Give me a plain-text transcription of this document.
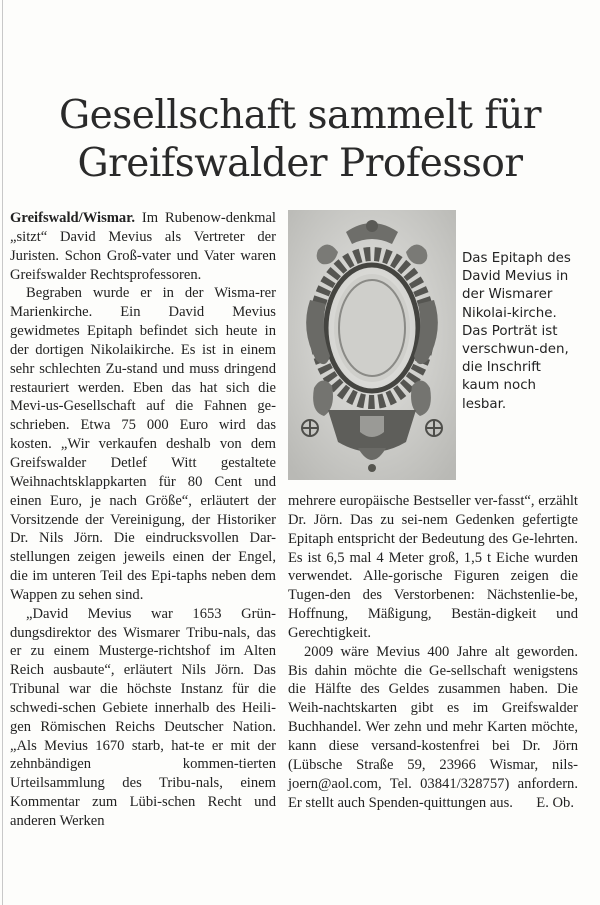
Gesellschaft sammelt für
Greifswalder Professor

Greifswald/Wismar. Im Rubenow-denkmal „sitzt“ David Mevius als Vertreter der Juristen. Schon Groß-vater und Vater waren Greifswalder Rechtsprofessoren.

Begraben wurde er in der Wisma-rer Marienkirche. Ein David Mevius gewidmetes Epitaph befindet sich heute in der dortigen Nikolaikirche. Es ist in einem sehr schlechten Zu-stand und muss dringend restauriert werden. Eben das hat sich die Mevi-us-Gesellschaft auf die Fahnen ge-schrieben. Etwa 75 000 Euro wird das kosten. „Wir verkaufen deshalb von dem Greifswalder Detlef Witt gestaltete Weihnachtsklappkarten für 80 Cent und einen Euro, je nach Größe“, erläutert der Vorsitzende der Vereinigung, der Historiker Dr. Nils Jörn. Die eindrucksvollen Dar-stellungen zeigen jeweils einen der Engel, die im unteren Teil des Epi-taphs neben dem Wappen zu sehen sind.

„David Mevius war 1653 Grün-dungsdirektor des Wismarer Tribu-nals, das er zu einem Musterge-richtshof im Alten Reich ausbaute“, erläutert Nils Jörn. Das Tribunal war die höchste Instanz für die schwedi-schen Gebiete innerhalb des Heili-gen Römischen Reichs Deutscher Nation. „Als Mevius 1670 starb, hat-te er mit der zehnbändigen kommen-tierten Urteilsammlung des Tribu-nals, einem Kommentar zum Lübi-schen Recht und anderen Werken

Das Epitaph des David Mevius in der Wismarer Nikolai-kirche. Das Porträt ist verschwun-den, die Inschrift kaum noch lesbar.

mehrere europäische Bestseller ver-fasst“, erzählt Dr. Jörn. Das zu sei-nem Gedenken gefertigte Epitaph entspricht der Bedeutung des Ge-lehrten. Es ist 6,5 mal 4 Meter groß, 1,5 t Eiche wurden verwendet. Alle-gorische Figuren zeigen die Tugen-den des Verstorbenen: Nächstenlie-be, Hoffnung, Mäßigung, Bestän-digkeit und Gerechtigkeit.

2009 wäre Mevius 400 Jahre alt geworden. Bis dahin möchte die Ge-sellschaft wenigstens die Hälfte des Geldes zusammen haben. Die Weih-nachtskarten gibt es im Greifswalder Buchhandel. Wer zehn und mehr Karten möchte, kann diese versand-kostenfrei bei Dr. Jörn (Lübsche Straße 59, 23966 Wismar, nils-joern@aol.com, Tel. 03841/328757) anfordern. Er stellt auch Spenden-quittungen aus.	E. Ob.
